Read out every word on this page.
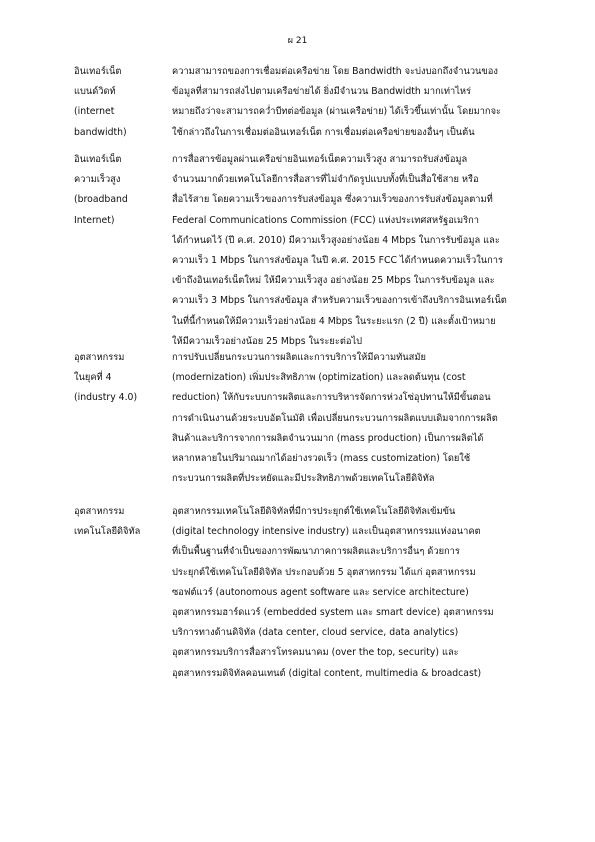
ผ 21
อินเทอร์เน็ต
แบนด์วิดท์
(internet
bandwidth)
ความสามารถของการเชื่อมต่อเครือข่าย โดย Bandwidth จะบ่งบอกถึงจำนวนของ
ข้อมูลที่สามารถส่งไปตามเครือข่ายได้ ยิ่งมีจำนวน Bandwidth มากเท่าไหร่
หมายถึงว่าจะสามารถคว่ำบีทต่อข้อมูล (ผ่านเครือข่าย) ได้เร็วขึ้นเท่านั้น โดยมากจะ
ใช้กล่าวถึงในการเชื่อมต่ออินเทอร์เน็ต การเชื่อมต่อเครือข่ายของอื่นๆ เป็นต้น
อินเทอร์เน็ต
ความเร็วสูง
(broadband
Internet)
การสื่อสารข้อมูลผ่านเครือข่ายอินเทอร์เน็ตความเร็วสูง สามารถรับส่งข้อมูล
จำนวนมากด้วยเทคโนโลยีการสื่อสารที่ไม่จำกัดรูปแบบทั้งที่เป็นสื่อใช้สาย หรือ
สื่อไร้สาย โดยความเร็วของการรับส่งข้อมูล ซึ่งความเร็วของการรับส่งข้อมูลตามที่
Federal Communications Commission (FCC) แห่งประเทศสหรัฐอเมริกา
ได้กำหนดไว้ (ปี ค.ศ. 2010) มีความเร็วสูงอย่างน้อย 4 Mbps ในการรับข้อมูล และ
ความเร็ว 1 Mbps ในการส่งข้อมูล ในปี ค.ศ. 2015 FCC ได้กำหนดความเร็วในการ
เข้าถึงอินเทอร์เน็ตใหม่ ให้มีความเร็วสูง อย่างน้อย 25 Mbps ในการรับข้อมูล และ
ความเร็ว 3 Mbps ในการส่งข้อมูล สำหรับความเร็วของการเข้าถึงบริการอินเทอร์เน็ต
ในที่นี้กำหนดให้มีความเร็วอย่างน้อย 4 Mbps ในระยะแรก (2 ปี) และตั้งเป้าหมาย
ให้มีความเร็วอย่างน้อย 25 Mbps ในระยะต่อไป
อุตสาหกรรม
ในยุคที่ 4
(industry 4.0)
การปรับเปลี่ยนกระบวนการผลิตและการบริการให้มีความทันสมัย
(modernization) เพิ่มประสิทธิภาพ (optimization) และลดต้นทุน (cost
reduction) ให้กับระบบการผลิตและการบริหารจัดการห่วงโซ่อุปทานให้มีขั้นตอน
การดำเนินงานด้วยระบบอัตโนมัติ เพื่อเปลี่ยนกระบวนการผลิตแบบเดิมจากการผลิต
สินค้าและบริการจากการผลิตจำนวนมาก (mass production) เป็นการผลิตได้
หลากหลายในปริมาณมากได้อย่างรวดเร็ว (mass customization) โดยใช้
กระบวนการผลิตที่ประหยัดและมีประสิทธิภาพด้วยเทคโนโลยีดิจิทัล
อุตสาหกรรม
เทคโนโลยีดิจิทัล
อุตสาหกรรมเทคโนโลยีดิจิทัลที่มีการประยุกต์ใช้เทคโนโลยีดิจิทัลเข้มข้น
(digital technology intensive industry) และเป็นอุตสาหกรรมแห่งอนาคต
ที่เป็นพื้นฐานที่จำเป็นของการพัฒนาภาคการผลิตและบริการอื่นๆ ด้วยการ
ประยุกต์ใช้เทคโนโลยีดิจิทัล ประกอบด้วย 5 อุตสาหกรรม ได้แก่ อุตสาหกรรม
ซอฟต์แวร์ (autonomous agent software และ service architecture)
อุตสาหกรรมฮาร์ดแวร์ (embedded system และ smart device) อุตสาหกรรม
บริการทางด้านดิจิทัล (data center, cloud service, data analytics)
อุตสาหกรรมบริการสื่อสารโทรคมนาคม (over the top, security) และ
อุตสาหกรรมดิจิทัลคอนเทนต์ (digital content, multimedia & broadcast)
